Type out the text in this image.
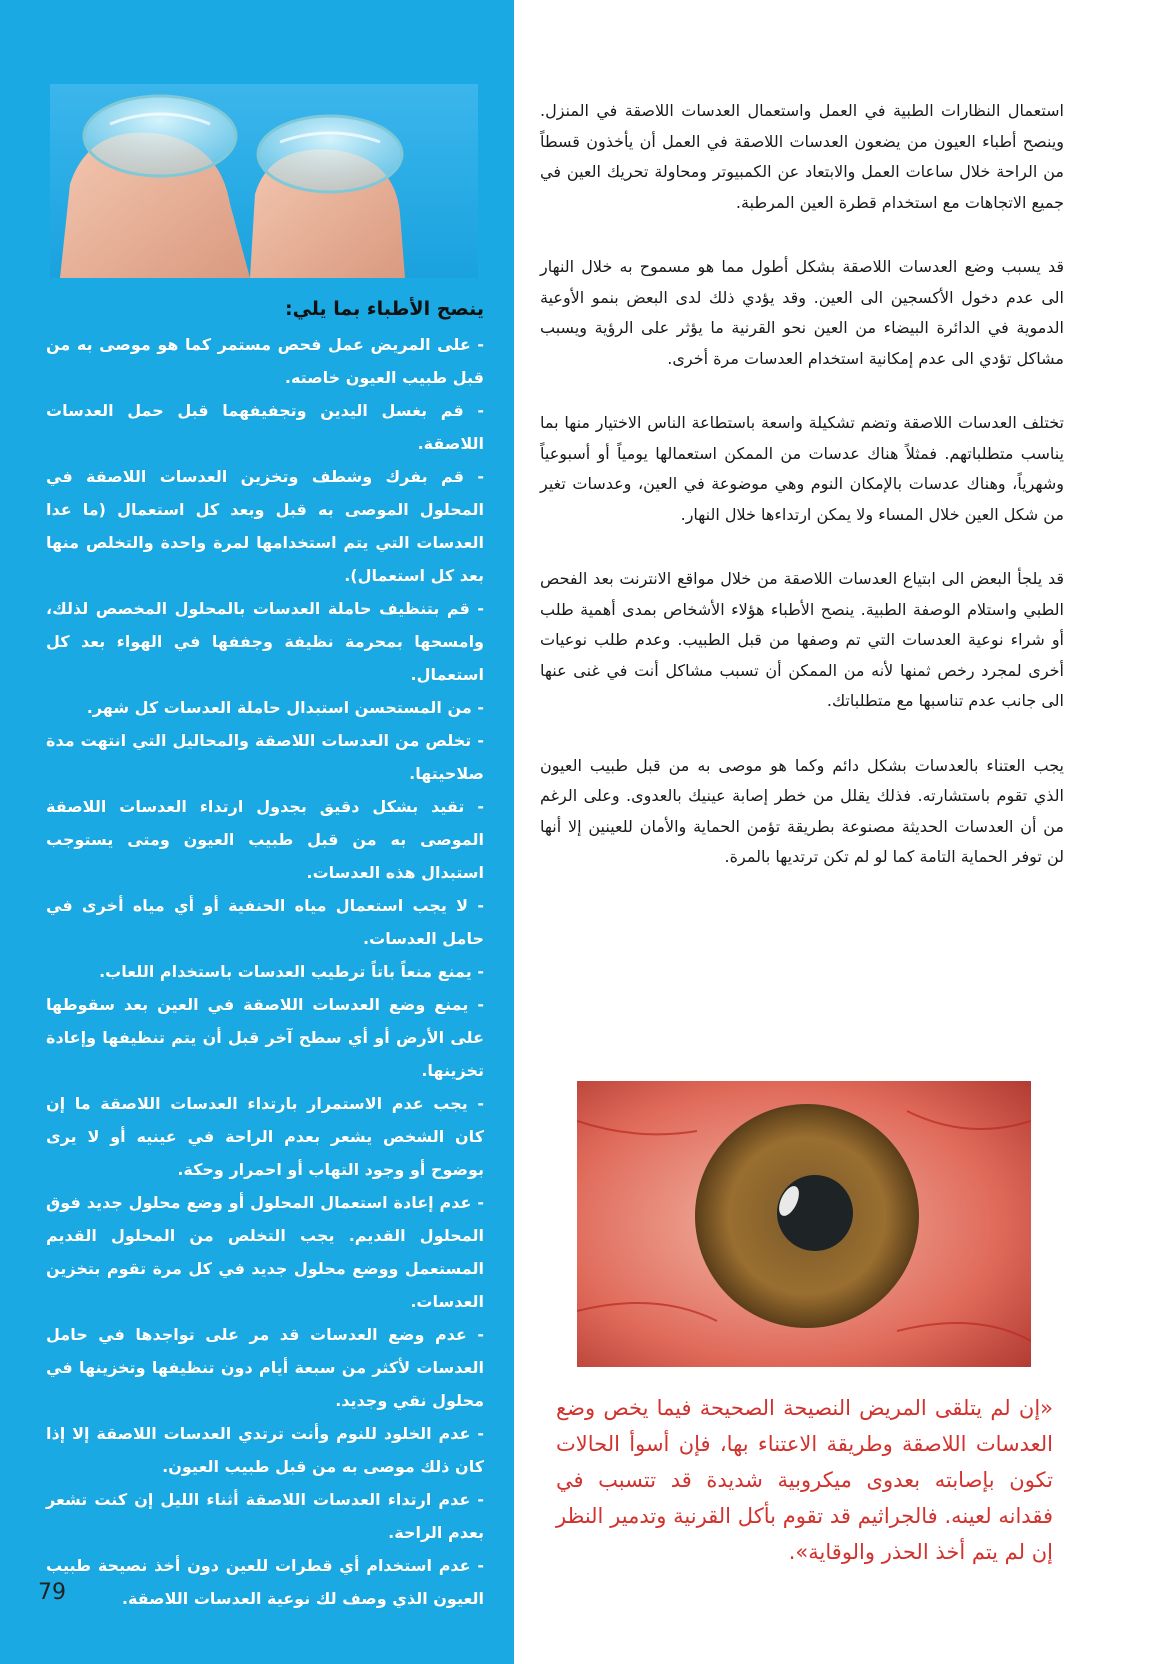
ينصح الأطباء بما يلي:
- على المريض عمل فحص مستمر كما هو موصى به من قبل طبيب العيون خاصته.
- قم بغسل اليدين وتجفيفهما قبل حمل العدسات اللاصقة.
- قم بفرك وشطف وتخزين العدسات اللاصقة في المحلول الموصى به قبل وبعد كل استعمال (ما عدا العدسات التي يتم استخدامها لمرة واحدة والتخلص منها بعد كل استعمال).
- قم بتنظيف حاملة العدسات بالمحلول المخصص لذلك، وامسحها بمحرمة نظيفة وجففها في الهواء بعد كل استعمال.
- من المستحسن استبدال حاملة العدسات كل شهر.
- تخلص من العدسات اللاصقة والمحاليل التي انتهت مدة صلاحيتها.
- تقيد بشكل دقيق بجدول ارتداء العدسات اللاصقة الموصى به من قبل طبيب العيون ومتى يستوجب استبدال هذه العدسات.
- لا يجب استعمال مياه الحنفية أو أي مياه أخرى في حامل العدسات.
- يمنع منعاً باتاً ترطيب العدسات باستخدام اللعاب.
- يمنع وضع العدسات اللاصقة في العين بعد سقوطها على الأرض أو أي سطح آخر قبل أن يتم تنظيفها وإعادة تخزينها.
- يجب عدم الاستمرار بارتداء العدسات اللاصقة ما إن كان الشخص يشعر بعدم الراحة في عينيه أو لا يرى بوضوح أو وجود التهاب أو احمرار وحكة.
- عدم إعادة استعمال المحلول أو وضع محلول جديد فوق المحلول القديم. يجب التخلص من المحلول القديم المستعمل ووضع محلول جديد في كل مرة تقوم بتخزين العدسات.
- عدم وضع العدسات قد مر على تواجدها في حامل العدسات لأكثر من سبعة أيام دون تنظيفها وتخزينها في محلول نقي وجديد.
- عدم الخلود للنوم وأنت ترتدي العدسات اللاصقة إلا إذا كان ذلك موصى به من قبل طبيب العيون.
- عدم ارتداء العدسات اللاصقة أثناء الليل إن كنت تشعر بعدم الراحة.
- عدم استخدام أي قطرات للعين دون أخذ نصيحة طبيب العيون الذي وصف لك نوعية العدسات اللاصقة.
79

استعمال النظارات الطبية في العمل واستعمال العدسات اللاصقة في المنزل. وينصح أطباء العيون من يضعون العدسات اللاصقة في العمل أن يأخذون قسطاً من الراحة خلال ساعات العمل والابتعاد عن الكمبيوتر ومحاولة تحريك العين في جميع الاتجاهات مع استخدام قطرة العين المرطبة.

قد يسبب وضع العدسات اللاصقة بشكل أطول مما هو مسموح به خلال النهار الى عدم دخول الأكسجين الى العين. وقد يؤدي ذلك لدى البعض بنمو الأوعية الدموية في الدائرة البيضاء من العين نحو القرنية ما يؤثر على الرؤية ويسبب مشاكل تؤدي الى عدم إمكانية استخدام العدسات مرة أخرى.

تختلف العدسات اللاصقة وتضم تشكيلة واسعة باستطاعة الناس الاختيار منها بما يناسب متطلباتهم. فمثلاً هناك عدسات من الممكن استعمالها يومياً أو أسبوعياً وشهرياً، وهناك عدسات بالإمكان النوم وهي موضوعة في العين، وعدسات تغير من شكل العين خلال المساء ولا يمكن ارتداءها خلال النهار.

قد يلجأ البعض الى ابتياع العدسات اللاصقة من خلال مواقع الانترنت بعد الفحص الطبي واستلام الوصفة الطبية. ينصح الأطباء هؤلاء الأشخاص بمدى أهمية طلب أو شراء نوعية العدسات التي تم وصفها من قبل الطبيب. وعدم طلب نوعيات أخرى لمجرد رخص ثمنها لأنه من الممكن أن تسبب مشاكل أنت في غنى عنها الى جانب عدم تناسبها مع متطلباتك.

يجب العتناء بالعدسات بشكل دائم وكما هو موصى به من قبل طبيب العيون الذي تقوم باستشارته. فذلك يقلل من خطر إصابة عينيك بالعدوى. وعلى الرغم من أن العدسات الحديثة مصنوعة بطريقة تؤمن الحماية والأمان للعينين إلا أنها لن توفر الحماية التامة كما لو لم تكن ترتديها بالمرة.

«إن لم يتلقى المريض النصيحة الصحيحة فيما يخص وضع العدسات اللاصقة وطريقة الاعتناء بها، فإن أسوأ الحالات تكون بإصابته بعدوى ميكروبية شديدة قد تتسبب في فقدانه لعينه. فالجراثيم قد تقوم بأكل القرنية وتدمير النظر إن لم يتم أخذ الحذر والوقاية».
